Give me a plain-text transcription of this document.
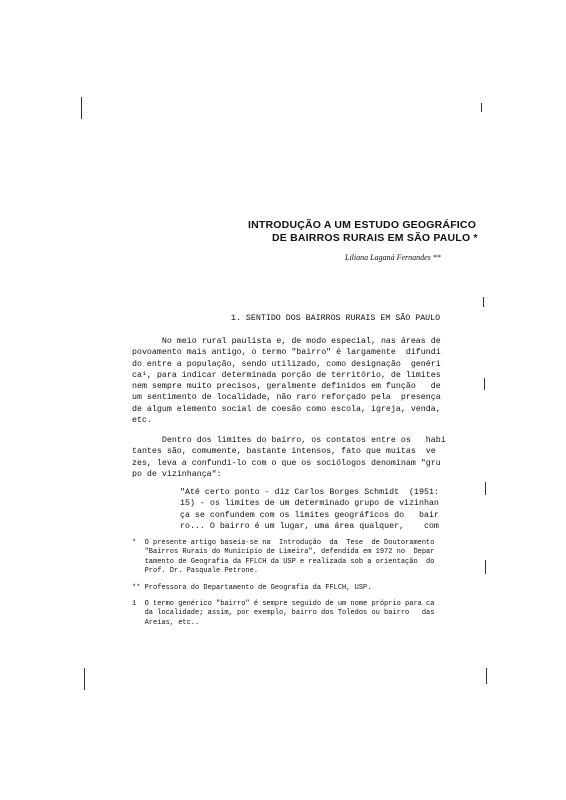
INTRODUÇÃO A UM ESTUDO GEOGRÁFICO
DE BAIRROS RURAIS EM SÃO PAULO *
Liliana Laganá Fernandes **
1. SENTIDO DOS BAIRROS RURAIS EM SÃO PAULO
No meio rural paulista e, de modo especial, nas áreas de
povoamento mais antigo, o termo "bairro" é largamente  difundi
do entre a população, sendo utilizado, como designação  genéri
ca¹, para indicar determinada porção de território, de limites
nem sempre muito precisos, geralmente definidos em função   de
um sentimento de localidade, não raro reforçado pela  presença
de algum elemento social de coesão como escola, igreja, venda,
etc.
Dentro dos limites do bairro, os contatos entre os   habi
tantes são, comumente, bastante intensos, fato que muitas  ve
zes, leva a confundi-lo com o que os sociólogos denominam "gru
po de vizinhança":
"Até certo ponto - diz Carlos Borges Schmidt  (1951:
15) - os limites de um determinado grupo de vizinhan
ça se confundem com os limites geográficos do   bair
ro... O bairro é um lugar, uma área qualquer,    com
*  O presente artigo baseia-se na  Introdução  da  Tese  de Doutoramento
"Bairros Rurais do Município de Limeira", defendida em 1972 no  Depar
tamento de Geografia da FFLCH da USP e realizada sob a orientação  do
Prof. Dr. Pasquale Petrone.
** Professora do Departamento de Geografia da FFLCH, USP.
1  O termo genérico "bairro" é sempre seguido de um nome próprio para ca
da localidade; assim, por exemplo, bairro dos Toledos ou bairro   das
Areias, etc..
